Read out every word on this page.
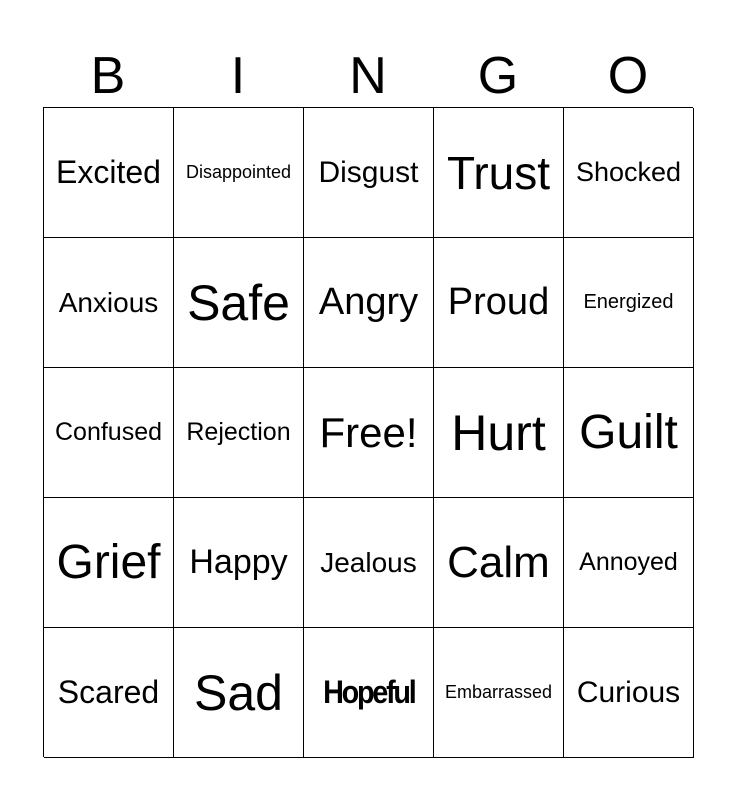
B	I	N	G	O
Excited Disappointed Disgust Trust Shocked
Anxious Safe Angry Proud Energized
Confused Rejection Free! Hurt Guilt
Grief Happy Jealous Calm Annoyed
Scared Sad Hopeful Embarrassed Curious
